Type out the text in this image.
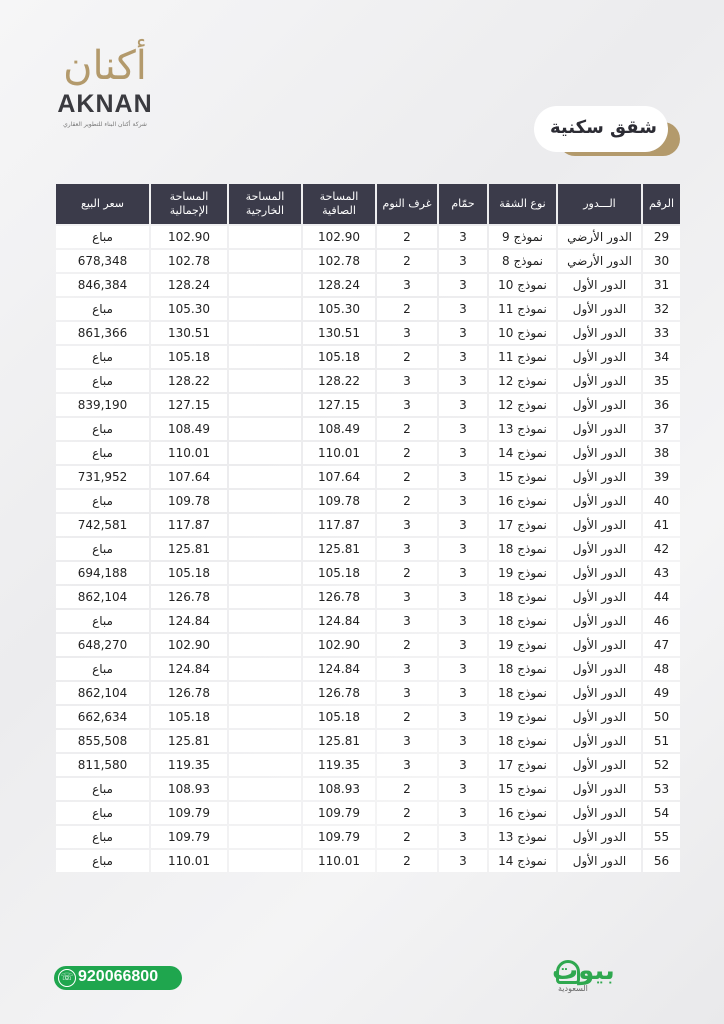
أكنان
AKNAN
شركة أكنان البناء للتطوير العقاري	شقق سكنية
الرقم	الـــدور	نوع الشقة	حمّام	غرف النوم	المساحة الصافية	المساحة الخارجية	المساحة الإجمالية	سعر البيع
29	الدور الأرضي	نموذج 9	3	2	102.90		102.90	مباع
30	الدور الأرضي	نموذج 8	3	2	102.78		102.78	678,348
31	الدور الأول	نموذج 10	3	3	128.24		128.24	846,384
32	الدور الأول	نموذج 11	3	2	105.30		105.30	مباع
33	الدور الأول	نموذج 10	3	3	130.51		130.51	861,366
34	الدور الأول	نموذج 11	3	2	105.18		105.18	مباع
35	الدور الأول	نموذج 12	3	3	128.22		128.22	مباع
36	الدور الأول	نموذج 12	3	3	127.15		127.15	839,190
37	الدور الأول	نموذج 13	3	2	108.49		108.49	مباع
38	الدور الأول	نموذج 14	3	2	110.01		110.01	مباع
39	الدور الأول	نموذج 15	3	2	107.64		107.64	731,952
40	الدور الأول	نموذج 16	3	2	109.78		109.78	مباع
41	الدور الأول	نموذج 17	3	3	117.87		117.87	742,581
42	الدور الأول	نموذج 18	3	3	125.81		125.81	مباع
43	الدور الأول	نموذج 19	3	2	105.18		105.18	694,188
44	الدور الأول	نموذج 18	3	3	126.78		126.78	862,104
46	الدور الأول	نموذج 18	3	3	124.84		124.84	مباع
47	الدور الأول	نموذج 19	3	2	102.90		102.90	648,270
48	الدور الأول	نموذج 18	3	3	124.84		124.84	مباع
49	الدور الأول	نموذج 18	3	3	126.78		126.78	862,104
50	الدور الأول	نموذج 19	3	2	105.18		105.18	662,634
51	الدور الأول	نموذج 18	3	3	125.81		125.81	855,508
52	الدور الأول	نموذج 17	3	3	119.35		119.35	811,580
53	الدور الأول	نموذج 15	3	2	108.93		108.93	مباع
54	الدور الأول	نموذج 16	3	2	109.79		109.79	مباع
55	الدور الأول	نموذج 13	3	2	109.79		109.79	مباع
56	الدور الأول	نموذج 14	3	2	110.01		110.01	مباع
☏ 920066800	بيوت
السعودية
